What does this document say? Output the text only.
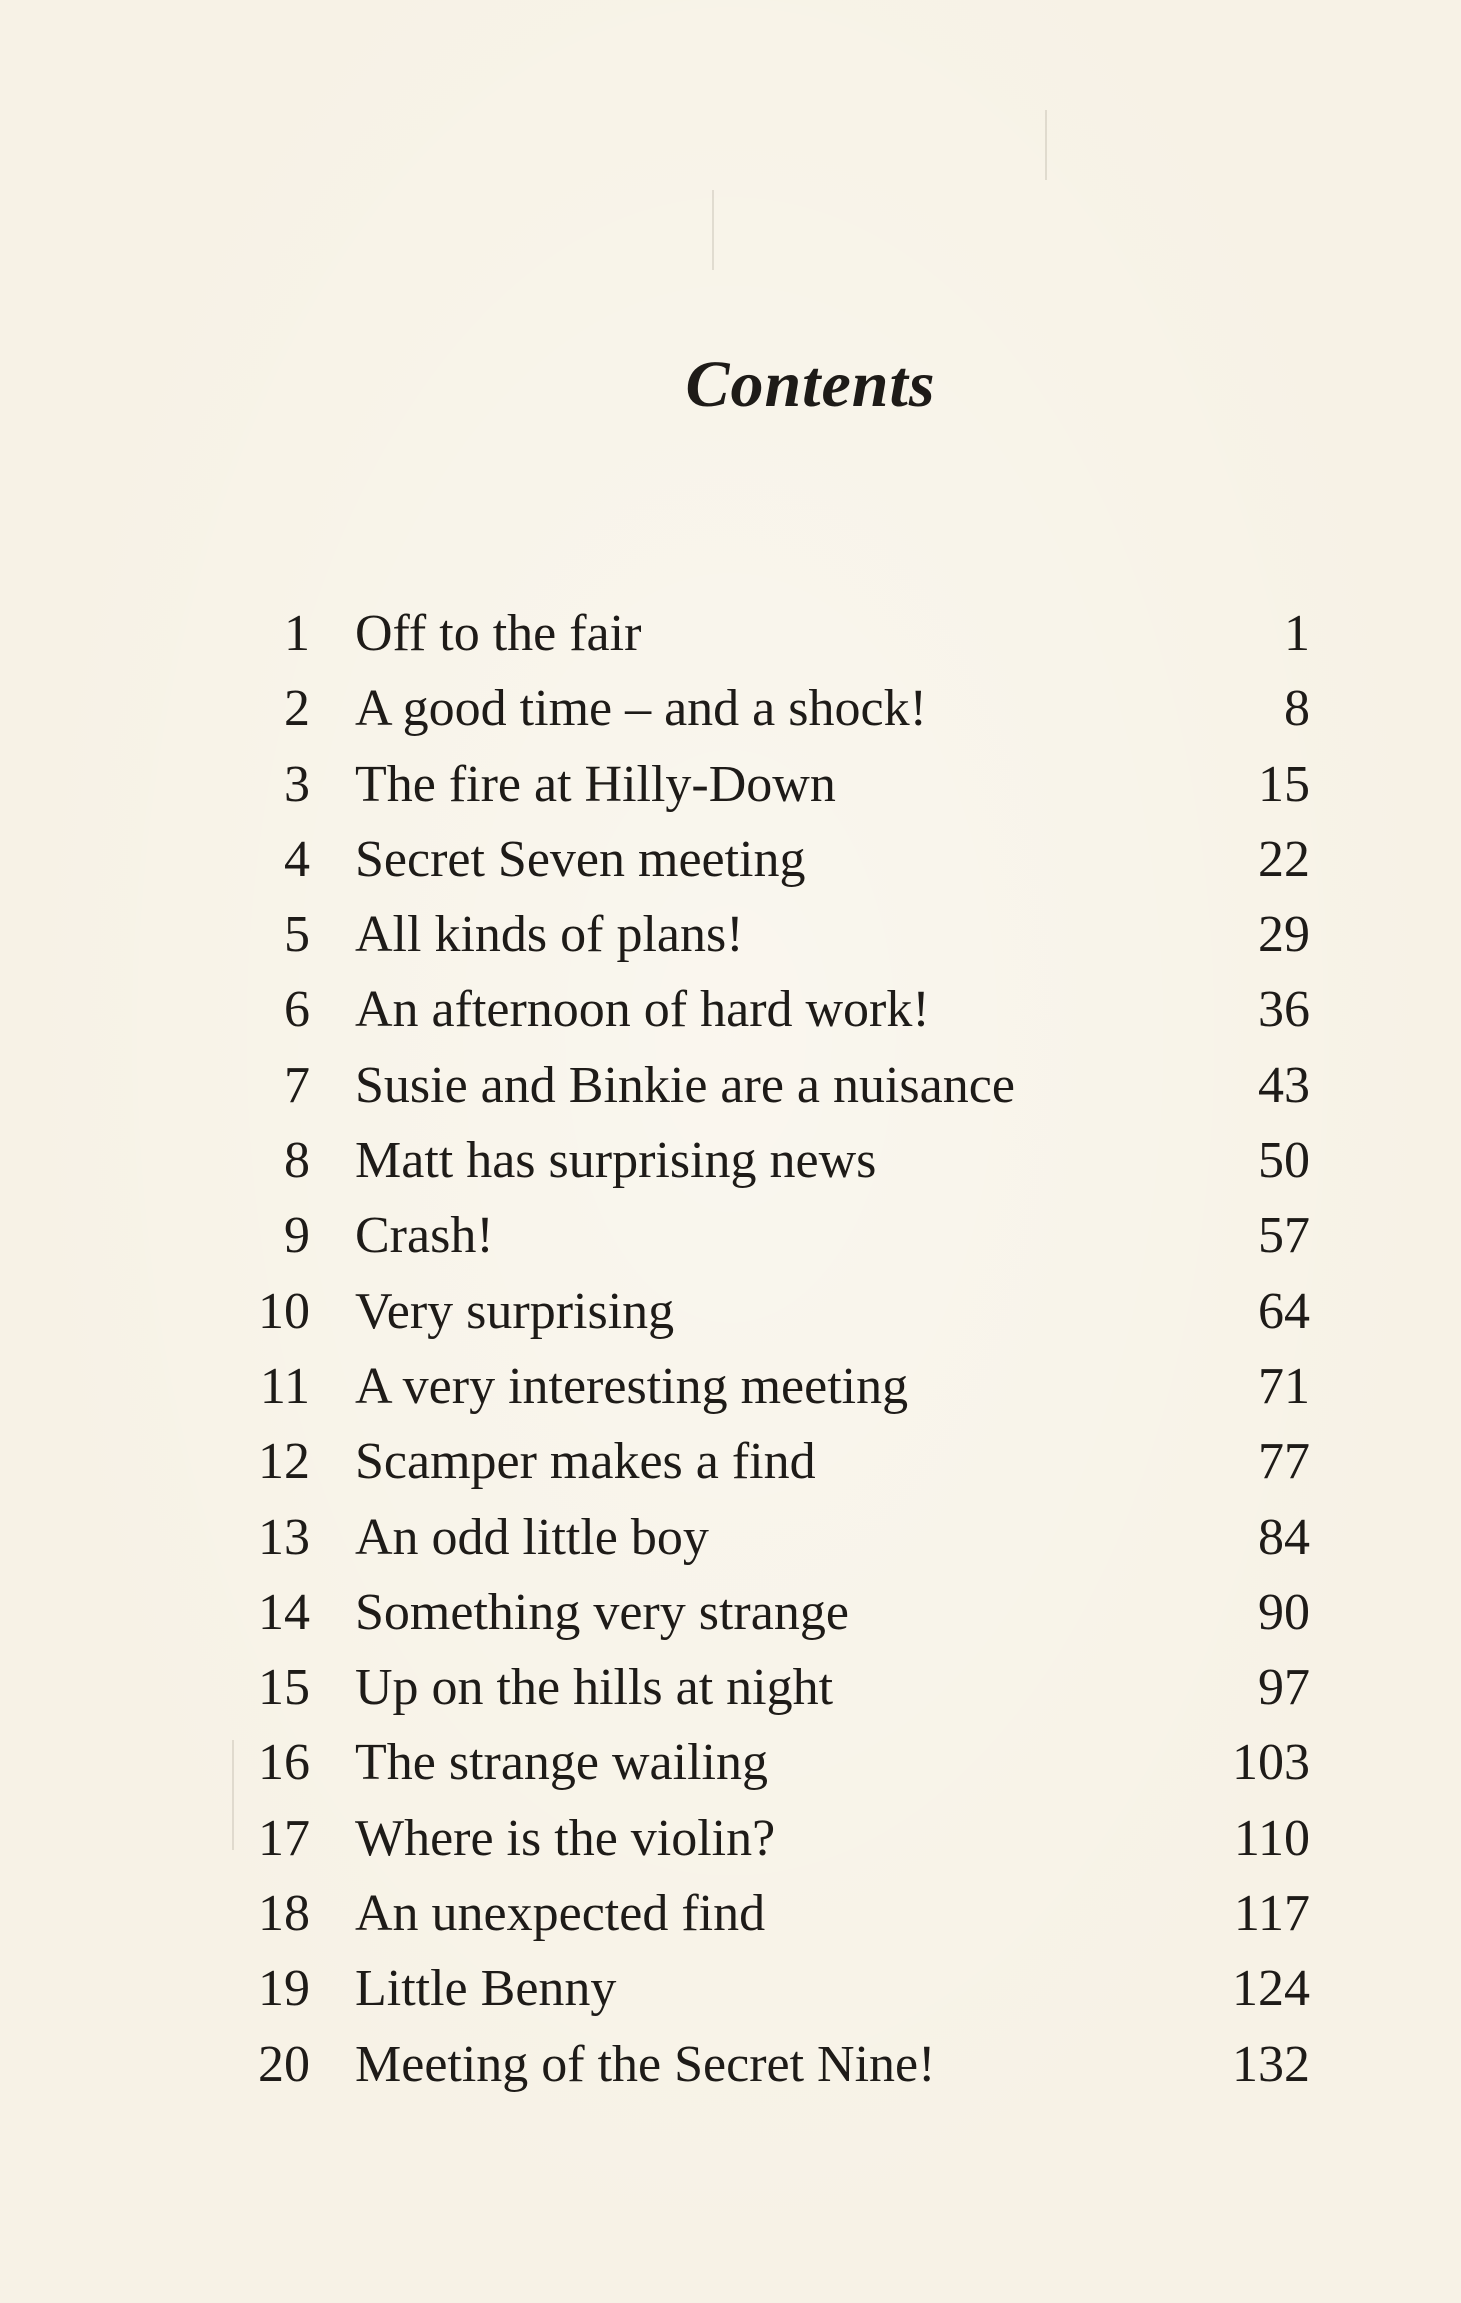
Contents
1 Off to the fair	1
2 A good time – and a shock!	8
3 The fire at Hilly-Down	15
4 Secret Seven meeting	22
5 All kinds of plans!	29
6 An afternoon of hard work!	36
7 Susie and Binkie are a nuisance	43
8 Matt has surprising news	50
9 Crash!	57
10 Very surprising	64
11 A very interesting meeting	71
12 Scamper makes a find	77
13 An odd little boy	84
14 Something very strange	90
15 Up on the hills at night	97
16 The strange wailing	103
17 Where is the violin?	110
18 An unexpected find	117
19 Little Benny	124
20 Meeting of the Secret Nine!	132
